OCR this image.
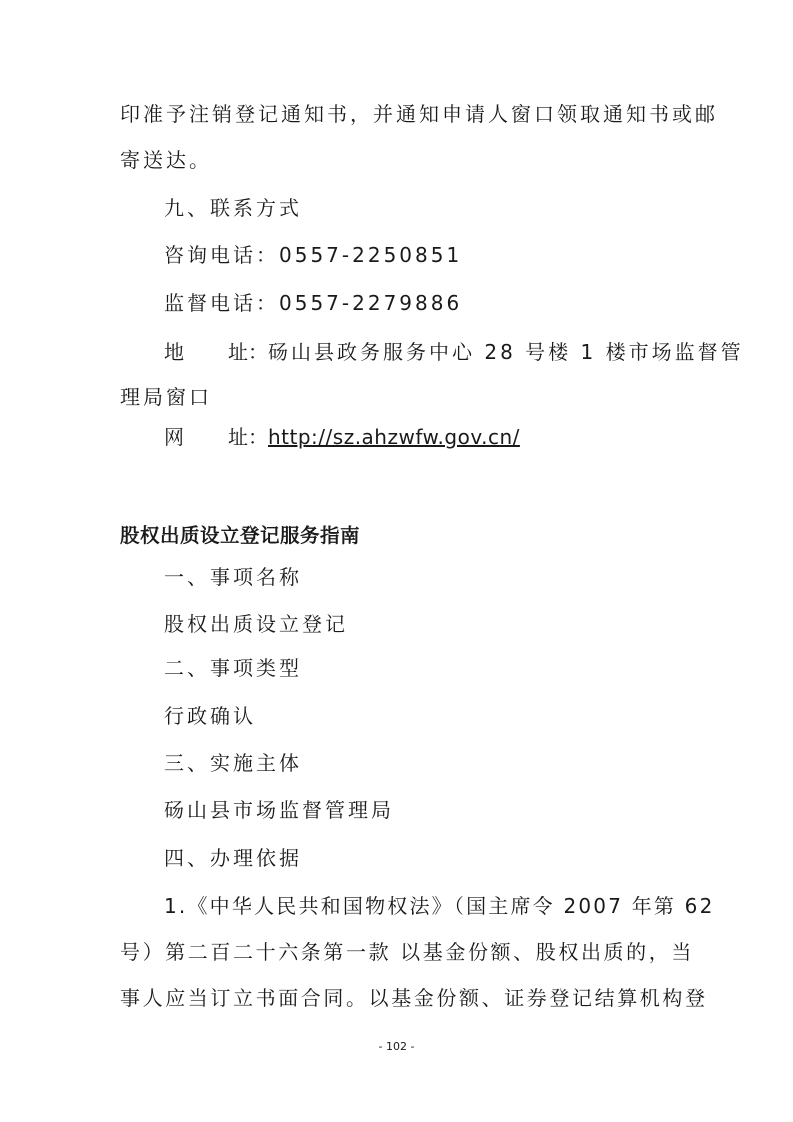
印准予注销登记通知书，并通知申请人窗口领取通知书或邮
寄送达。
九、联系方式
咨询电话：0557-2250851
监督电话：0557-2279886
地 址：砀山县政务服务中心 28 号楼 1 楼市场监督管
理局窗口
网 址：http://sz.ahzwfw.gov.cn/
股权出质设立登记服务指南
一、事项名称
股权出质设立登记
二、事项类型
行政确认
三、实施主体
砀山县市场监督管理局
四、办理依据
1.《中华人民共和国物权法》（国主席令 2007 年第 62
号）第二百二十六条第一款 以基金份额、股权出质的，当
事人应当订立书面合同。以基金份额、证券登记结算机构登
- 102 -
